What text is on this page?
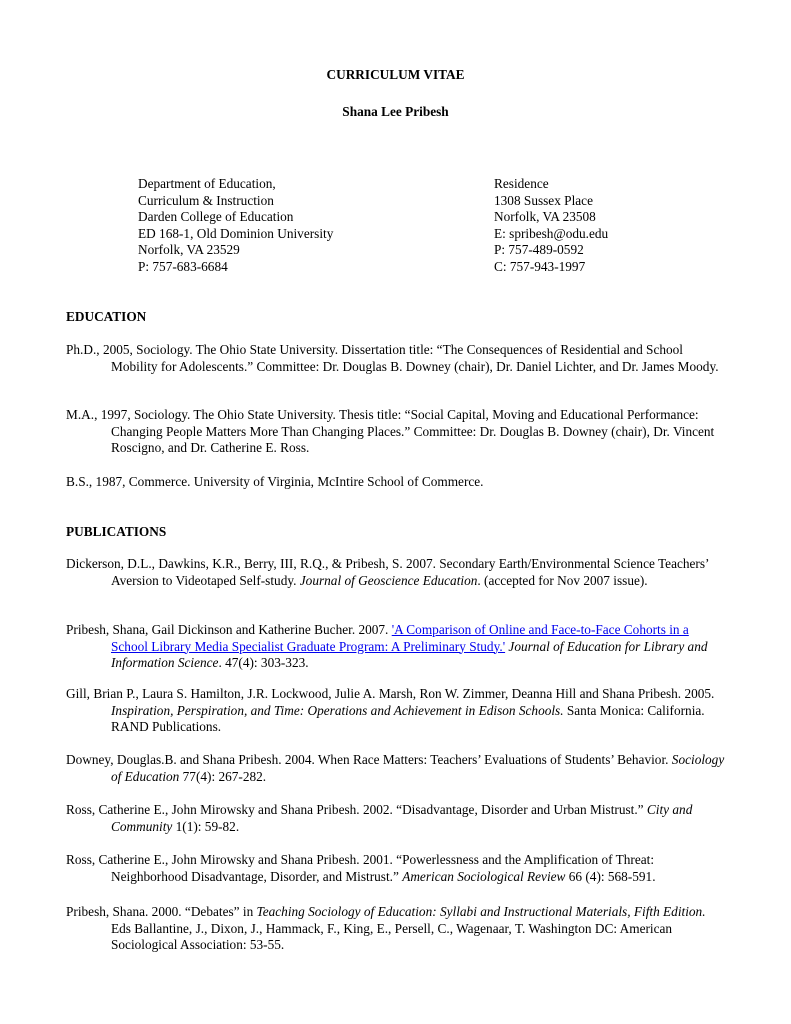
CURRICULUM VITAE
Shana Lee Pribesh
Department of Education,
Curriculum & Instruction
Darden College of Education
ED 168-1, Old Dominion University
Norfolk, VA 23529
P: 757-683-6684
Residence
1308 Sussex Place
Norfolk, VA 23508
E: spribesh@odu.edu
P: 757-489-0592
C: 757-943-1997
EDUCATION
Ph.D., 2005, Sociology. The Ohio State University. Dissertation title: “The Consequences of Residential and School Mobility for Adolescents.” Committee: Dr. Douglas B. Downey (chair), Dr. Daniel Lichter, and Dr. James Moody.
M.A., 1997, Sociology. The Ohio State University. Thesis title: “Social Capital, Moving and Educational Performance: Changing People Matters More Than Changing Places.” Committee: Dr. Douglas B. Downey (chair), Dr. Vincent Roscigno, and Dr. Catherine E. Ross.
B.S., 1987, Commerce. University of Virginia, McIntire School of Commerce.
PUBLICATIONS
Dickerson, D.L., Dawkins, K.R., Berry, III, R.Q., & Pribesh, S. 2007. Secondary Earth/Environmental Science Teachers’ Aversion to Videotaped Self-study. Journal of Geoscience Education. (accepted for Nov 2007 issue).
Pribesh, Shana, Gail Dickinson and Katherine Bucher. 2007. 'A Comparison of Online and Face-to-Face Cohorts in a School Library Media Specialist Graduate Program: A Preliminary Study.' Journal of Education for Library and Information Science. 47(4): 303-323.
Gill, Brian P., Laura S. Hamilton, J.R. Lockwood, Julie A. Marsh, Ron W. Zimmer, Deanna Hill and Shana Pribesh. 2005. Inspiration, Perspiration, and Time: Operations and Achievement in Edison Schools. Santa Monica: California. RAND Publications.
Downey, Douglas.B. and Shana Pribesh. 2004. When Race Matters: Teachers’ Evaluations of Students’ Behavior. Sociology of Education 77(4): 267-282.
Ross, Catherine E., John Mirowsky and Shana Pribesh. 2002. “Disadvantage, Disorder and Urban Mistrust.” City and Community 1(1): 59-82.
Ross, Catherine E., John Mirowsky and Shana Pribesh. 2001. “Powerlessness and the Amplification of Threat: Neighborhood Disadvantage, Disorder, and Mistrust.” American Sociological Review 66 (4): 568-591.
Pribesh, Shana. 2000. “Debates” in Teaching Sociology of Education: Syllabi and Instructional Materials, Fifth Edition. Eds Ballantine, J., Dixon, J., Hammack, F., King, E., Persell, C., Wagenaar, T. Washington DC: American Sociological Association: 53-55.
